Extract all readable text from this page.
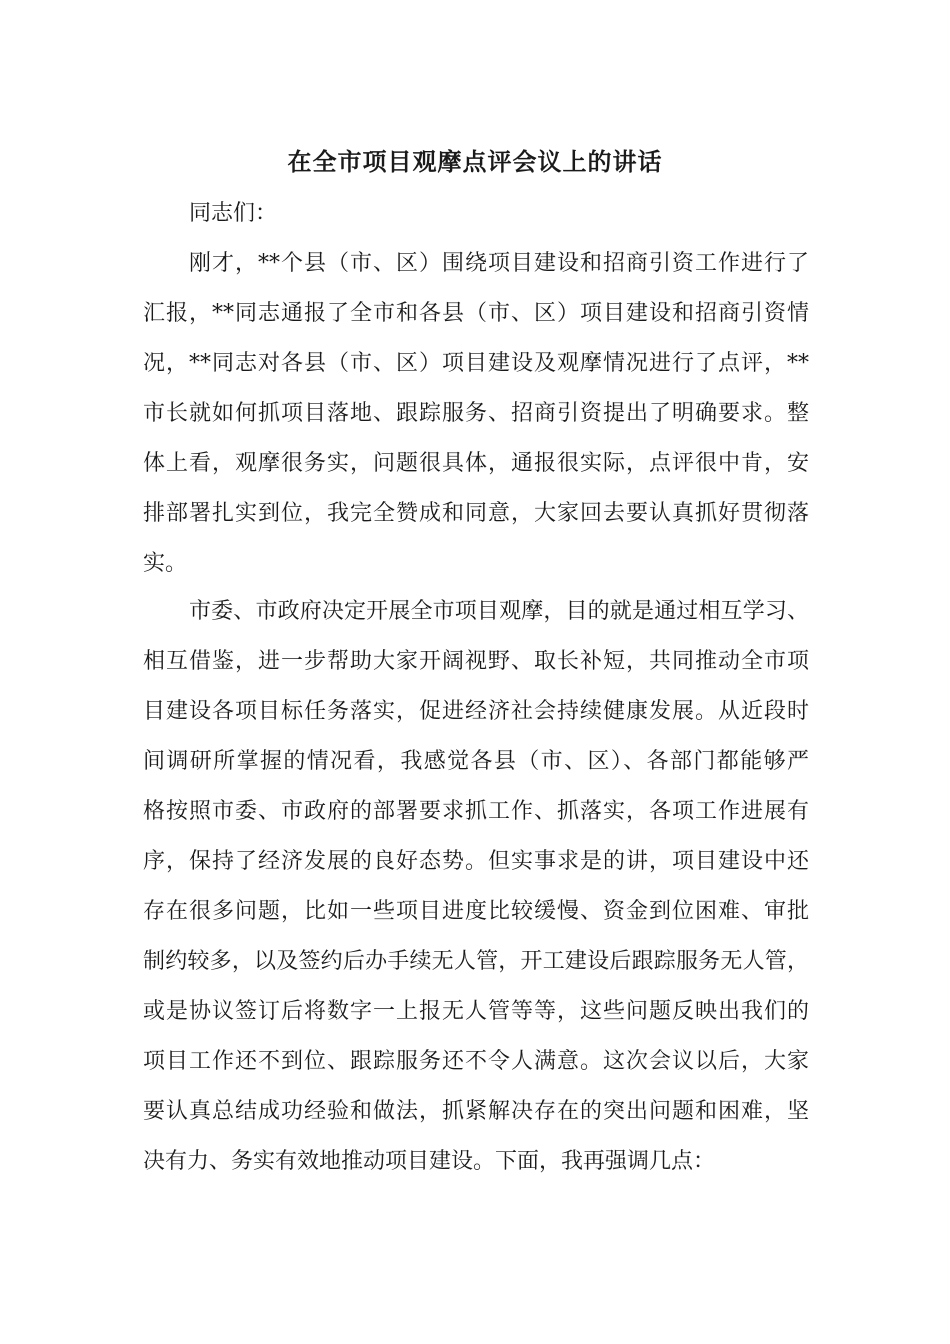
在全市项目观摩点评会议上的讲话

同志们：

刚才，**个县（市、区）围绕项目建设和招商引资工作进行了

汇报，**同志通报了全市和各县（市、区）项目建设和招商引资情

况，**同志对各县（市、区）项目建设及观摩情况进行了点评，**

市长就如何抓项目落地、跟踪服务、招商引资提出了明确要求。整

体上看，观摩很务实，问题很具体，通报很实际，点评很中肯，安

排部署扎实到位，我完全赞成和同意，大家回去要认真抓好贯彻落

实。

市委、市政府决定开展全市项目观摩，目的就是通过相互学习、

相互借鉴，进一步帮助大家开阔视野、取长补短，共同推动全市项

目建设各项目标任务落实，促进经济社会持续健康发展。从近段时

间调研所掌握的情况看，我感觉各县（市、区）、各部门都能够严

格按照市委、市政府的部署要求抓工作、抓落实，各项工作进展有

序，保持了经济发展的良好态势。但实事求是的讲，项目建设中还

存在很多问题，比如一些项目进度比较缓慢、资金到位困难、审批

制约较多，以及签约后办手续无人管，开工建设后跟踪服务无人管，

或是协议签订后将数字一上报无人管等等，这些问题反映出我们的

项目工作还不到位、跟踪服务还不令人满意。这次会议以后，大家

要认真总结成功经验和做法，抓紧解决存在的突出问题和困难，坚

决有力、务实有效地推动项目建设。下面，我再强调几点：
